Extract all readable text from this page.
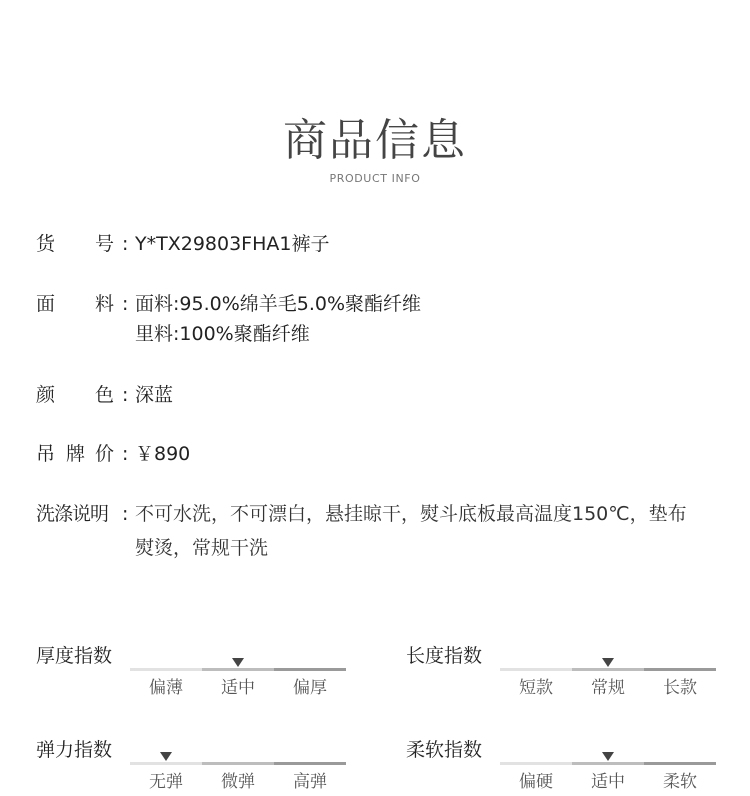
商品信息
PRODUCT INFO
货 号 : Y*TX29803FHA1裤子
面 料 : 面料:95.0%绵羊毛5.0%聚酯纤维
里料:100%聚酯纤维
颜 色 : 深蓝
吊 牌 价 : ￥890
洗涤说明 : 不可水洗，不可漂白，悬挂晾干，熨斗底板最高温度150℃，垫布
熨烫，常规干洗
厚度指数
偏薄	适中	偏厚
长度指数
短款	常规	长款
弹力指数
无弹	微弹	高弹
柔软指数
偏硬	适中	柔软
